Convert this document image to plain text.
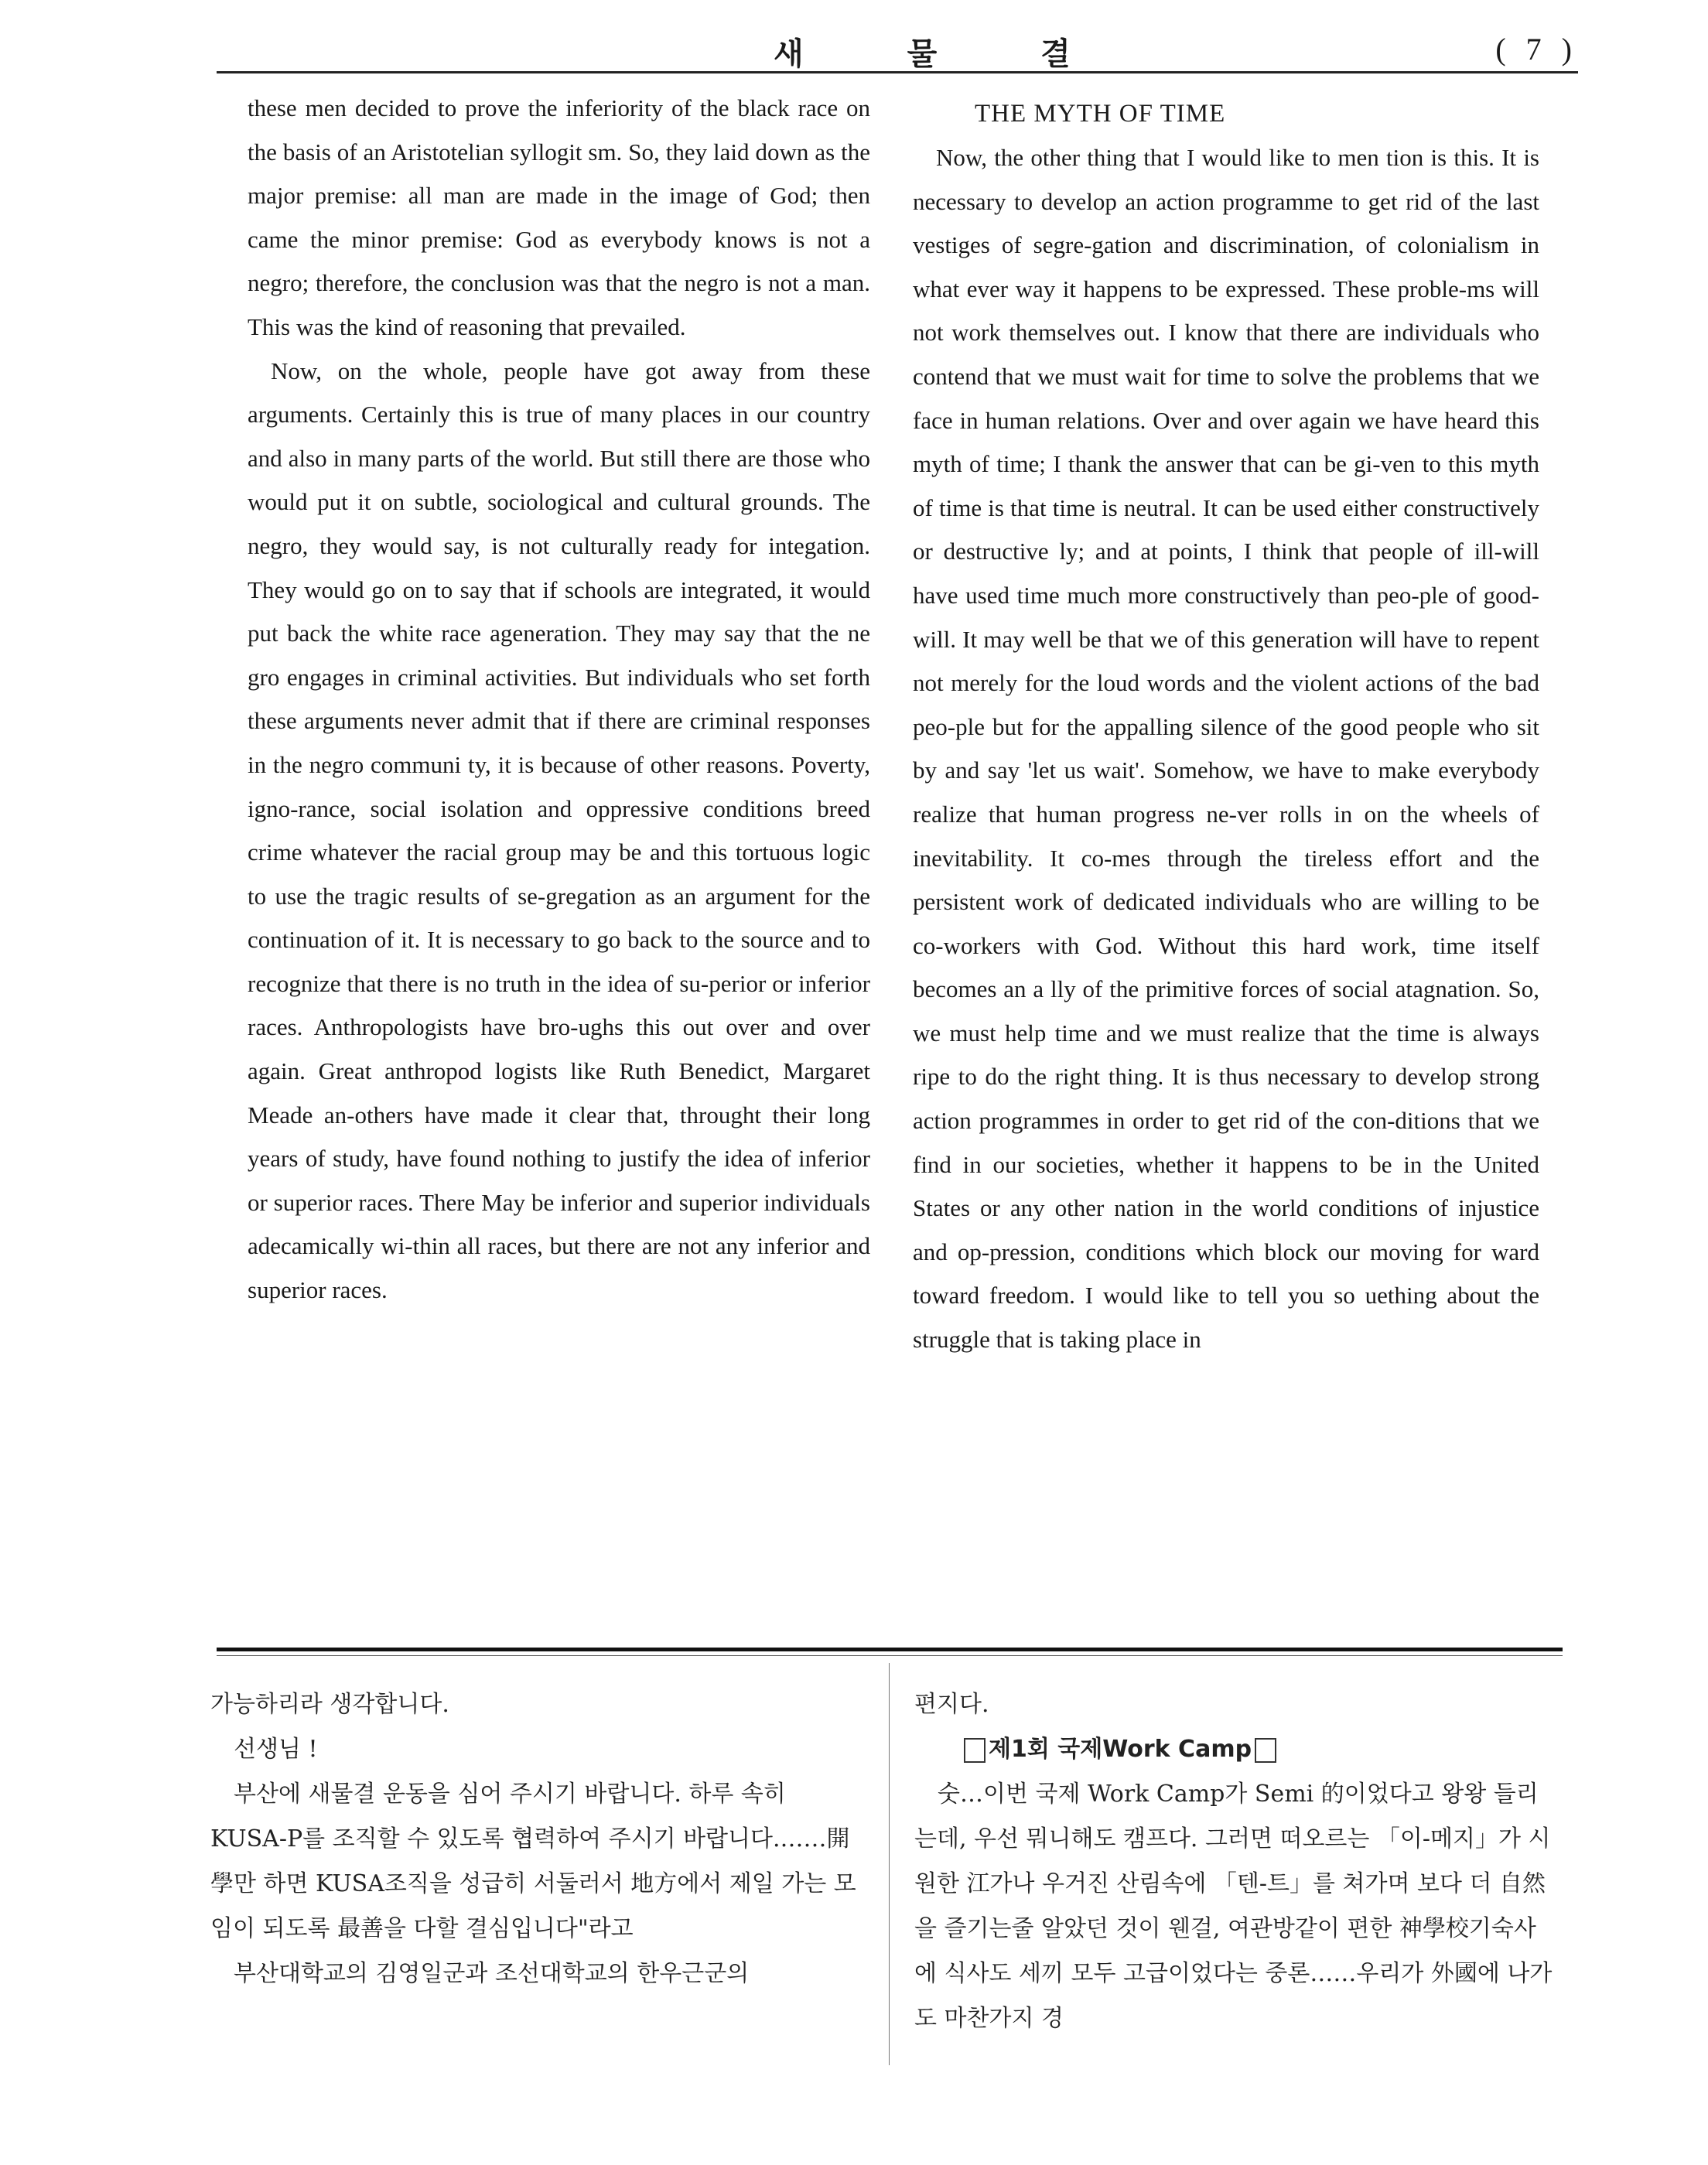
새 물 결	( 7 )

these men decided to prove the inferiority of the black race on the basis of an Aristotelian syllogit sm. So, they laid down as the major premise: all man are made in the image of God; then came the minor premise: God as everybody knows is not a negro; therefore, the conclusion was that the negro is not a man. This was the kind of reasoning that prevailed.

Now, on the whole, people have got away from these arguments. Certainly this is true of many places in our country and also in many parts of the world. But still there are those who would put it on subtle, sociological and cultural grounds. The negro, they would say, is not culturally ready for integation. They would go on to say that if schools are integrated, it would put back the white race ageneration. They may say that the ne gro engages in criminal activities. But individuals who set forth these arguments never admit that if there are criminal responses in the negro communi ty, it is because of other reasons. Poverty, igno-rance, social isolation and oppressive conditions breed crime whatever the racial group may be and this tortuous logic to use the tragic results of se-gregation as an argument for the continuation of it. It is necessary to go back to the source and to recognize that there is no truth in the idea of su-perior or inferior races. Anthropologists have bro-ughs this out over and over again. Great anthropod logists like Ruth Benedict, Margaret Meade an-others have made it clear that, throught their long years of study, have found nothing to justify the idea of inferior or superior races. There May be inferior and superior individuals adecamically wi-thin all races, but there are not any inferior and superior races.

THE MYTH OF TIME

Now, the other thing that I would like to men tion is this. It is necessary to develop an action programme to get rid of the last vestiges of segre-gation and discrimination, of colonialism in what ever way it happens to be expressed. These proble-ms will not work themselves out. I know that there are individuals who contend that we must wait for time to solve the problems that we face in human relations. Over and over again we have heard this myth of time; I thank the answer that can be gi-ven to this myth of time is that time is neutral. It can be used either constructively or destructive ly; and at points, I think that people of ill-will have used time much more constructively than peo-ple of good-will. It may well be that we of this generation will have to repent not merely for the loud words and the violent actions of the bad peo-ple but for the appalling silence of the good people who sit by and say 'let us wait'. Somehow, we have to make everybody realize that human progress ne-ver rolls in on the wheels of inevitability. It co-mes through the tireless effort and the persistent work of dedicated individuals who are willing to be co-workers with God. Without this hard work, time itself becomes an a lly of the primitive forces of social atagnation. So, we must help time and we must realize that the time is always ripe to do the right thing. It is thus necessary to develop strong action programmes in order to get rid of the con-ditions that we find in our societies, whether it happens to be in the United States or any other nation in the world conditions of injustice and op-pression, conditions which block our moving for ward toward freedom. I would like to tell you so uething about the struggle that is taking place in

가능하리라 생각합니다.

선생님 !

부산에 새물결 운동을 심어 주시기 바랍니다. 하루 속히 KUSA-P를 조직할 수 있도록 협력하여 주시기 바랍니다.……開學만 하면 KUSA조직을 성급히 서둘러서 地方에서 제일 가는 모임이 되도록 最善을 다할 결심입니다"라고

부산대학교의 김영일군과 조선대학교의 한우근군의

편지다.

제1회 국제Work Camp

숫…이번 국제 Work Camp가 Semi 的이었다고 왕왕 들리는데, 우선 뭐니해도 캠프다. 그러면 떠오르는 「이-메지」가 시원한 江가나 우거진 산림속에 「텐-트」를 쳐가며 보다 더 自然을 즐기는줄 알았던 것이 웬걸, 여관방같이 편한 神學校기숙사에 식사도 세끼 모두 고급이었다는 중론……우리가 外國에 나가도 마찬가지 경
